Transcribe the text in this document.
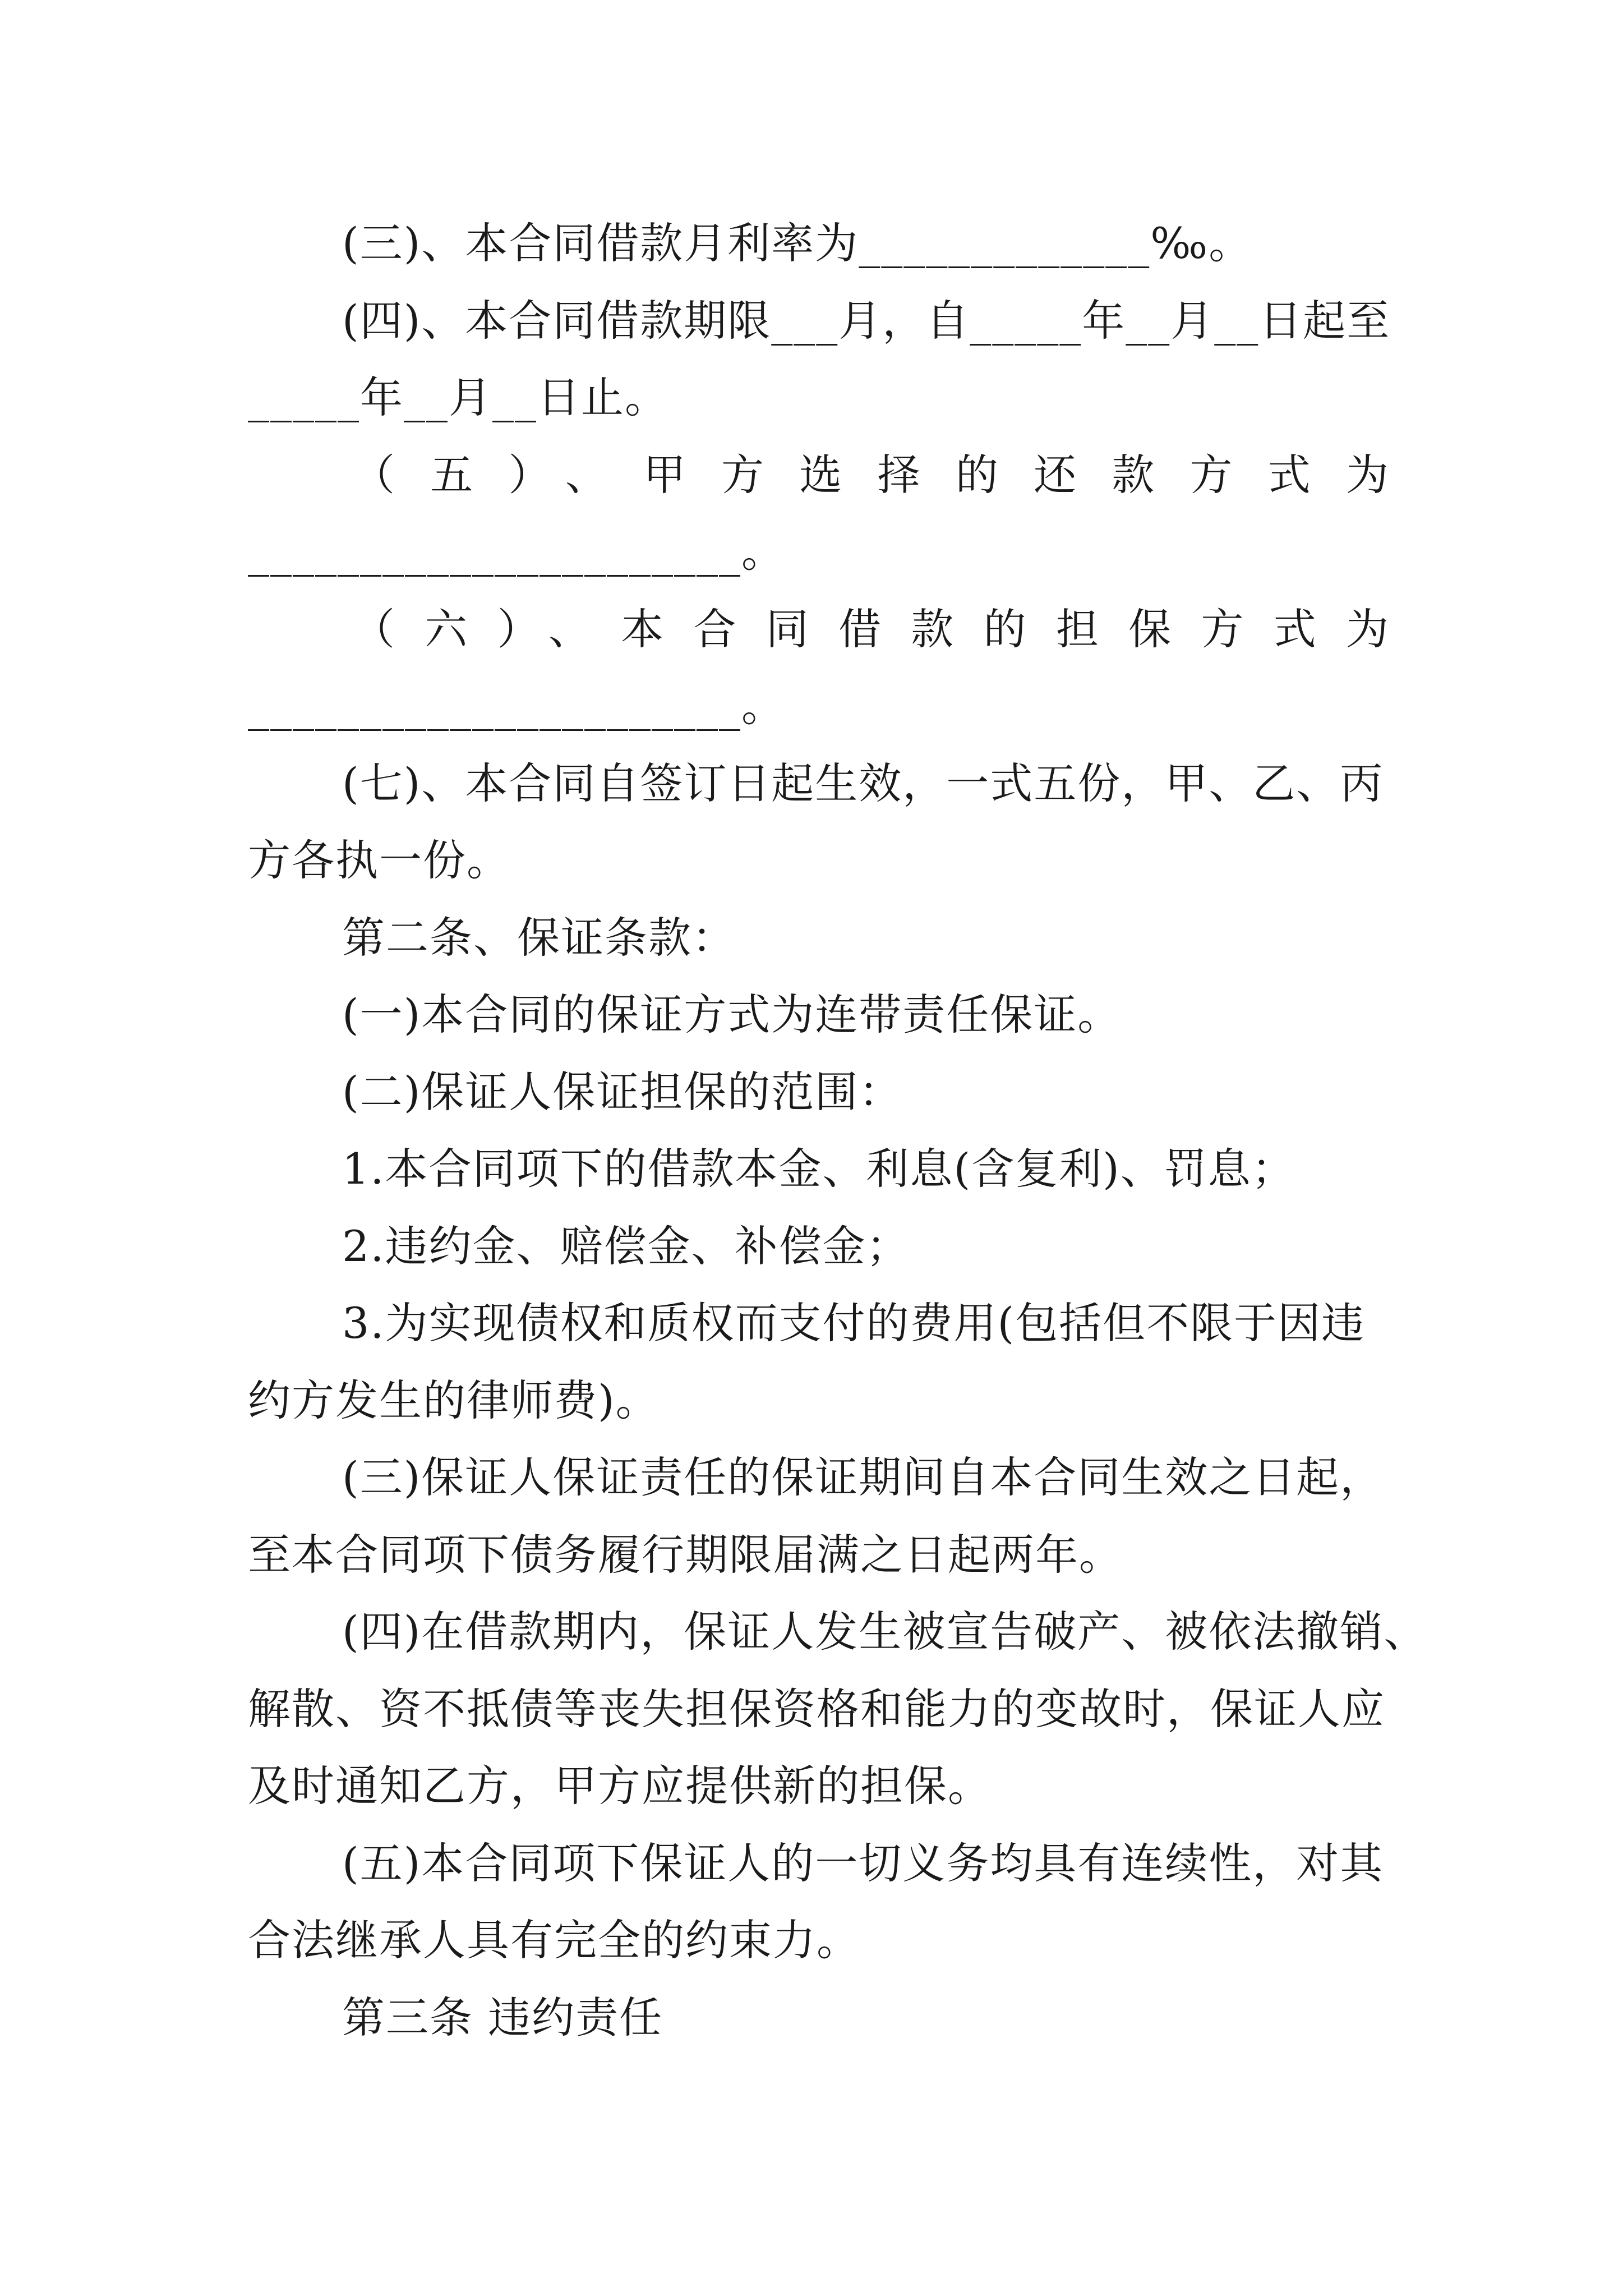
(三)、本合同借款月利率为_____________‰。
(四)、本合同借款期限___月，自_____年__月__日起至
_____年__月__日止。
（五）、甲方选择的还款方式为
______________________。
（六）、本合同借款的担保方式为
______________________。
(七)、本合同自签订日起生效，一式五份，甲、乙、丙
方各执一份。
第二条、保证条款：
(一)本合同的保证方式为连带责任保证。
(二)保证人保证担保的范围：
1.本合同项下的借款本金、利息(含复利)、罚息；
2.违约金、赔偿金、补偿金；
3.为实现债权和质权而支付的费用(包括但不限于因违
约方发生的律师费)。
(三)保证人保证责任的保证期间自本合同生效之日起，
至本合同项下债务履行期限届满之日起两年。
(四)在借款期内，保证人发生被宣告破产、被依法撤销、
解散、资不抵债等丧失担保资格和能力的变故时，保证人应
及时通知乙方，甲方应提供新的担保。
(五)本合同项下保证人的一切义务均具有连续性，对其
合法继承人具有完全的约束力。
第三条 违约责任
